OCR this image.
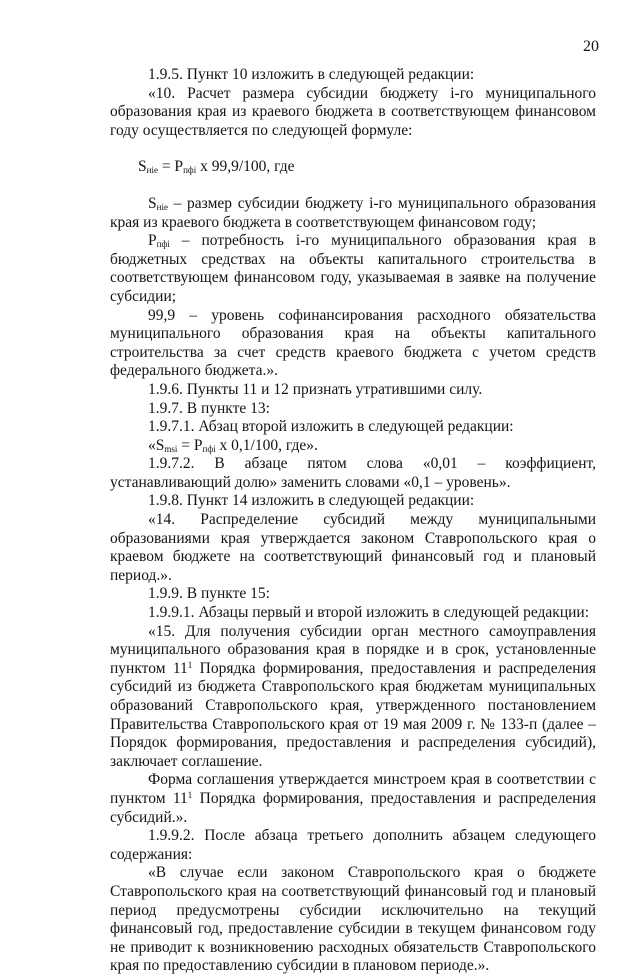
20

1.9.5. Пункт 10 изложить в следующей редакции:

«10. Расчет размера субсидии бюджету i-го муниципального образования края из краевого бюджета в соответствующем финансовом году осуществляется по следующей формуле:

$S_{ніе} = P_{пфi}$ x 99,9/100, где

$S_{ніе}$ – размер субсидии бюджету i-го муниципального образования края из краевого бюджета в соответствующем финансовом году;

$P_{пфi}$ – потребность i-го муниципального образования края в бюджетных средствах на объекты капитального строительства в соответствующем финансовом году, указываемая в заявке на получение субсидии;

99,9 – уровень софинансирования расходного обязательства муниципального образования края на объекты капитального строительства за счет средств краевого бюджета с учетом средств федерального бюджета.».

1.9.6. Пункты 11 и 12 признать утратившими силу.

1.9.7. В пункте 13:

1.9.7.1. Абзац второй изложить в следующей редакции:

«$S_{msi} = P_{пфi}$ x 0,1/100, где».

1.9.7.2. В абзаце пятом слова «0,01 – коэффициент, устанавливающий долю» заменить словами «0,1 – уровень».

1.9.8. Пункт 14 изложить в следующей редакции:

«14. Распределение субсидий между муниципальными образованиями края утверждается законом Ставропольского края о краевом бюджете на соответствующий финансовый год и плановый период.».

1.9.9. В пункте 15:

1.9.9.1. Абзацы первый и второй изложить в следующей редакции:

«15. Для получения субсидии орган местного самоуправления муниципального образования края в порядке и в срок, установленные пунктом $11^1$ Порядка формирования, предоставления и распределения субсидий из бюджета Ставропольского края бюджетам муниципальных образований Ставропольского края, утвержденного постановлением Правительства Ставропольского края от 19 мая 2009 г. № 133-п (далее – Порядок формирования, предоставления и распределения субсидий), заключает соглашение.

Форма соглашения утверждается минстроем края в соответствии с пунктом $11^1$ Порядка формирования, предоставления и распределения субсидий.».

1.9.9.2. После абзаца третьего дополнить абзацем следующего содержания:

«В случае если законом Ставропольского края о бюджете Ставропольского края на соответствующий финансовый год и плановый период предусмотрены субсидии исключительно на текущий финансовый год, предоставление субсидии в текущем финансовом году не приводит к возникновению расходных обязательств Ставропольского края по предоставлению субсидии в плановом периоде.».
